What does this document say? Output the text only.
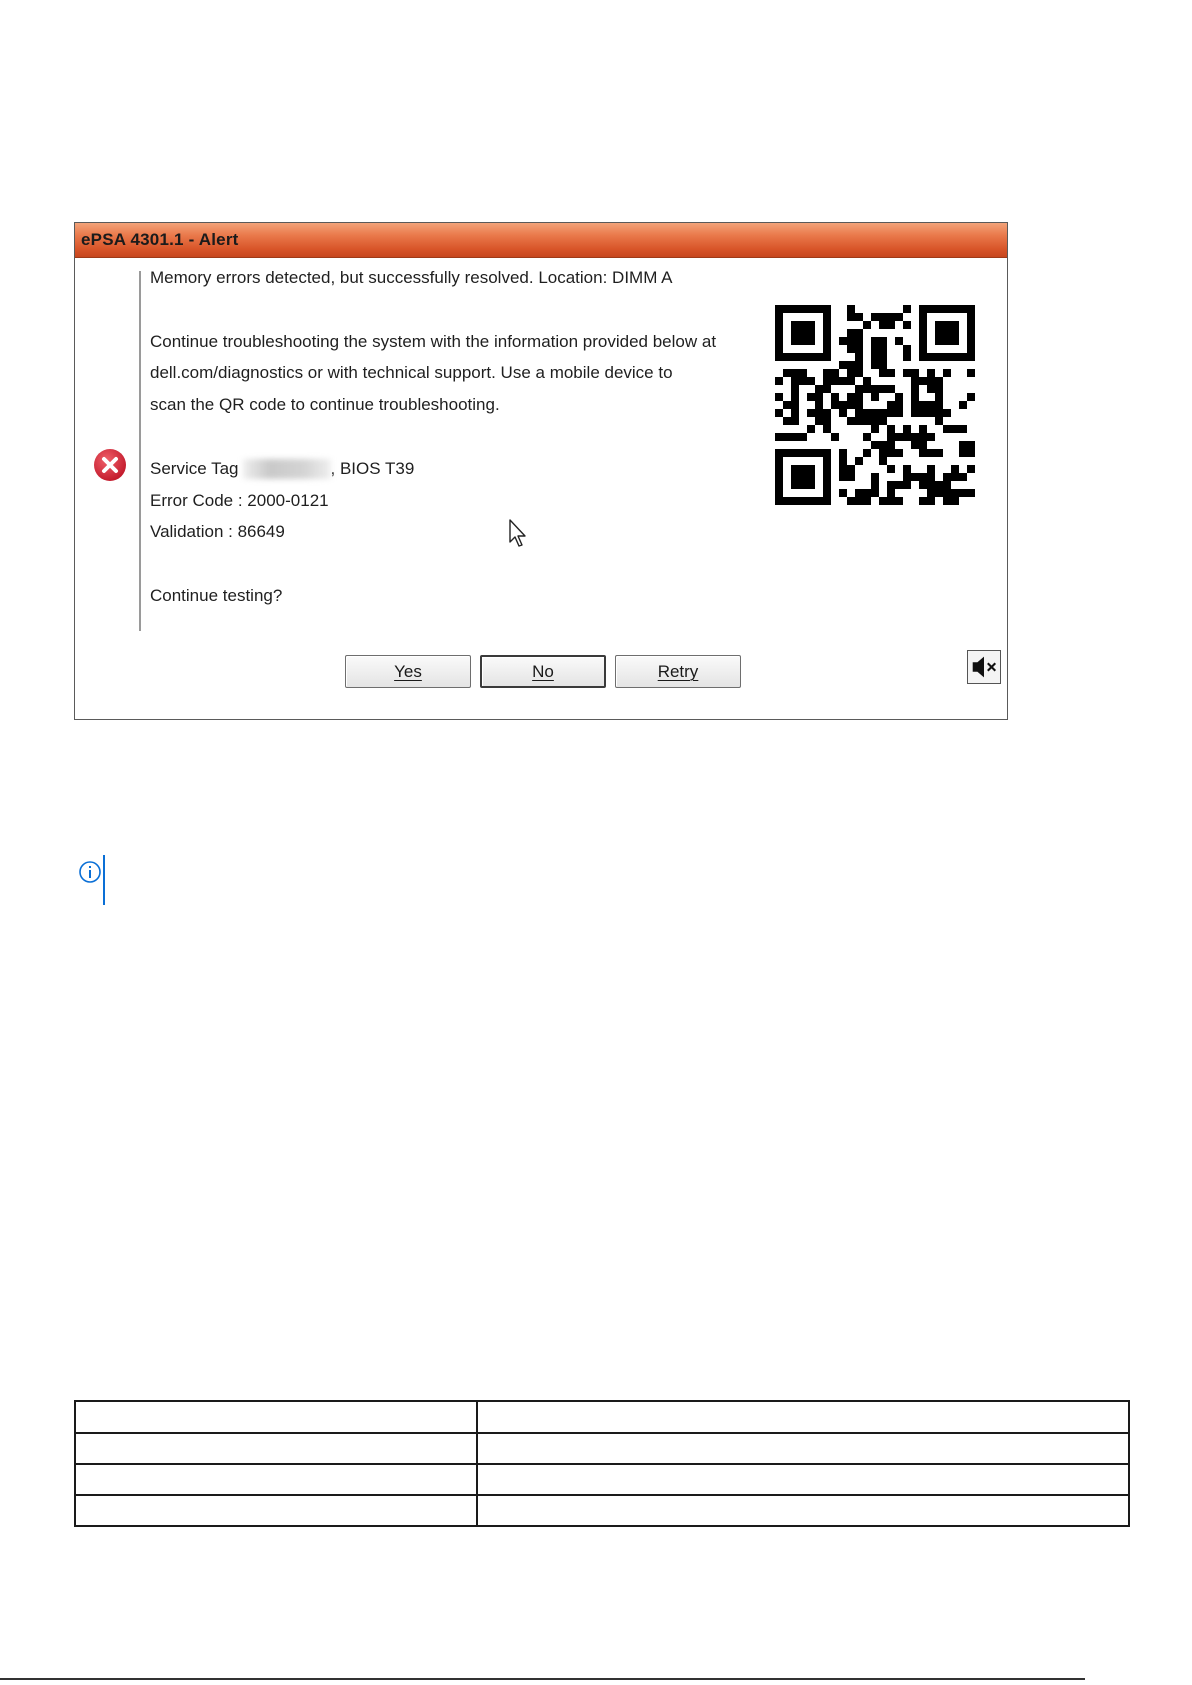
ePSA 4301.1 - Alert

Memory errors detected, but successfully resolved. Location: DIMM A

Continue troubleshooting the system with the information provided below at

dell.com/diagnostics or with technical support. Use a mobile device to

scan the QR code to continue troubleshooting.

Service Tag	, BIOS T39

Error Code : 2000-0121

Validation : 86649

Continue testing?

Yes	No	Retry
